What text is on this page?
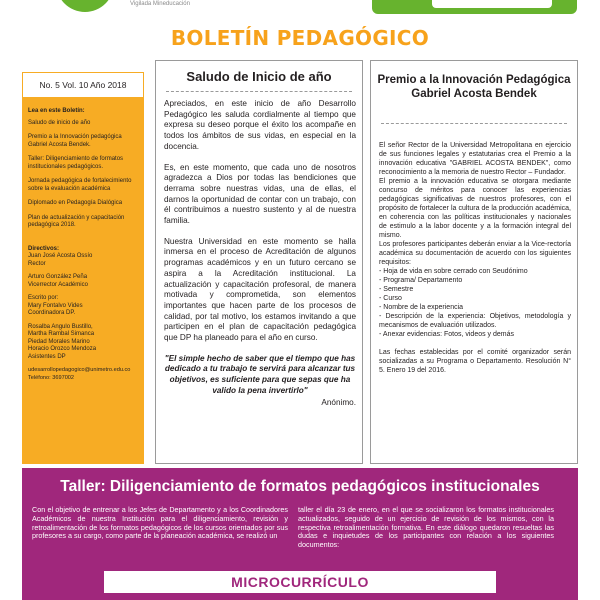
Vigilada Mineducación
BOLETÍN PEDAGÓGICO
No. 5 Vol. 10 Año 2018
Lea en este Boletín:
Saludo de inicio de año
Premio a la Innovación pedagógica Gabriel Acosta Bendek.
Taller: Diligenciamiento de formatos institucionales pedagógicos.
Jornada pedagógica de fortalecimiento sobre la evaluación académica
Diplomado en Pedagogía Dialógica
Plan de actualización y capacitación pedagógica 2018.
Directivos:
Juan José Acosta Ossío
Rector
Arturo González Peña
Vicerrector Académico
Escrito por:
Mary Fontalvo Vides
Coordinadora DP.
Rosalba Angulo Bustillo,
Martha Rambal Simanca
Piedad Morales Marino
Horacio Orozco Mendoza
Asistentes DP
udesarrollopedagogico@unimetro.edu.co
Teléfono: 3697002
Saludo de Inicio de año

Apreciados, en este inicio de año Desarrollo Pedagógico les saluda cordialmente al tiempo que expresa su deseo porque el éxito los acompañe en todos los ámbitos de sus vidas, en especial en la docencia.

Es, en este momento, que cada uno de nosotros agradezca a Dios por todas las bendiciones que derrama sobre nuestras vidas, una de ellas, el darnos la oportunidad de contar con un trabajo, con él contribuimos a nuestro sustento y al de nuestra familia.

Nuestra Universidad en este momento se halla inmersa en el proceso de Acreditación de algunos programas académicos y en un futuro cercano se aspira a la Acreditación institucional. La actualización y capacitación profesoral, de manera motivada y comprometida, son elementos importantes que hacen parte de los procesos de calidad, por tal motivo, los estamos invitando a que participen en el plan de capacitación pedagógica que DP ha planeado para el año en curso.

"El simple hecho de saber que el tiempo que has dedicado a tu trabajo te servirá para alcanzar tus objetivos, es suficiente para que sepas que ha valido la pena invertirlo"
Anónimo.
Premio a la Innovación Pedagógica Gabriel Acosta Bendek

El señor Rector de la Universidad Metropolitana en ejercicio de sus funciones legales y estatutarias crea el Premio a la innovación educativa "GABRIEL ACOSTA BENDEK", como reconocimiento a la memoria de nuestro Rector – Fundador.

El premio a la innovación educativa se otorgara mediante concurso de méritos para conocer las experiencias pedagógicas significativas de nuestros profesores, con el propósito de fortalecer la cultura de la producción académica, en coherencia con las políticas institucionales y nacionales de estimulo a la labor docente y a la formación integral del mismo.

Los profesores participantes deberán enviar a la Vice-rectoría académica su documentación de acuerdo con los siguientes requisitos:

- Hoja de vida en sobre cerrado con Seudónimo

- Programa/ Departamento

- Semestre

- Curso

- Nombre de la experiencia

- Descripción de la experiencia: Objetivos, metodología y mecanismos de evaluación utilizados.

- Anexar evidencias: Fotos, videos y demás

Las fechas establecidas por el comité organizador serán socializadas a su Programa o Departamento. Resolución N° 5. Enero 19 del 2016.

Taller: Diligenciamiento de formatos pedagógicos institucionales
Con el objetivo de entrenar a los Jefes de Departamento y a los Coordinadores Académicos de nuestra Institución para el diligenciamiento, revisión y retroalimentación de los formatos pedagógicos de los cursos orientados por sus profesores a su cargo, como parte de la planeación académica, se realizó un
taller el día 23 de enero, en el que se socializaron los formatos institucionales actualizados, seguido de un ejercicio de revisión de los mismos, con la respectiva retroalimentación formativa. En este diálogo quedaron resueltas las dudas e inquietudes de los participantes con relación a los siguientes documentos:
MICROCURRÍCULO
